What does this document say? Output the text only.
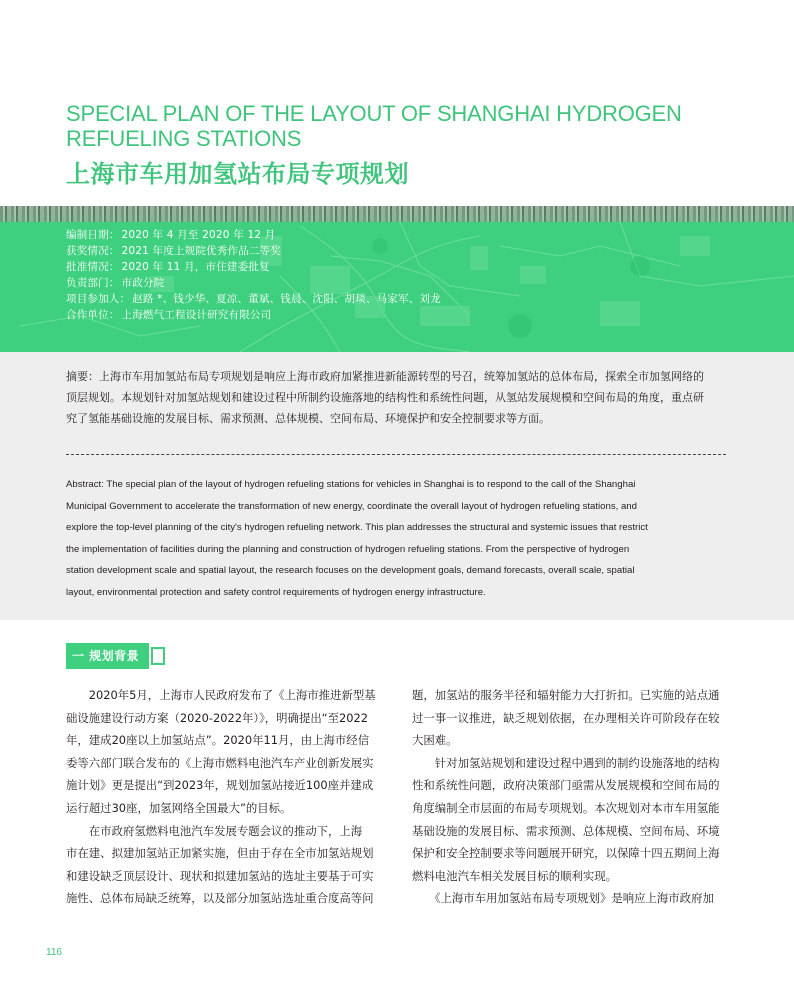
SPECIAL PLAN OF THE LAYOUT OF SHANGHAI HYDROGEN REFUELING STATIONS
上海市车用加氢站布局专项规划
编制日期： 2020 年 4 月至 2020 年 12 月
获奖情况： 2021 年度上规院优秀作品二等奖
批准情况： 2020 年 11 月，市住建委批复
负责部门： 市政分院
项目参加人： 赵路 *、钱少华、夏凉、董斌、钱晨、沈阳、胡琰、马家军、刘龙
合作单位： 上海燃气工程设计研究有限公司
摘要：上海市车用加氢站布局专项规划是响应上海市政府加紧推进新能源转型的号召，统筹加氢站的总体布局，探索全市加氢网络的
顶层规划。本规划针对加氢站规划和建设过程中所制约设施落地的结构性和系统性问题，从氢站发展规模和空间布局的角度，重点研
究了氢能基础设施的发展目标、需求预测、总体规模、空间布局、环境保护和安全控制要求等方面。
Abstract: The special plan of the layout of hydrogen refueling stations for vehicles in Shanghai is to respond to the call of the Shanghai
Municipal Government to accelerate the transformation of new energy, coordinate the overall layout of hydrogen refueling stations, and
explore the top-level planning of the city's hydrogen refueling network. This plan addresses the structural and systemic issues that restrict
the implementation of facilities during the planning and construction of hydrogen refueling stations. From the perspective of hydrogen
station development scale and spatial layout, the research focuses on the development goals, demand forecasts, overall scale, spatial
layout, environmental protection and safety control requirements of hydrogen energy infrastructure.
一 规划背景
　　2020年5月，上海市人民政府发布了《上海市推进新型基
础设施建设行动方案（2020-2022年）》，明确提出“至2022
年，建成20座以上加氢站点”。2020年11月，由上海市经信
委等六部门联合发布的《上海市燃料电池汽车产业创新发展实
施计划》更是提出“到2023年，规划加氢站接近100座并建成
运行超过30座，加氢网络全国最大”的目标。
　　在市政府氢燃料电池汽车发展专题会议的推动下，上海
市在建、拟建加氢站正加紧实施，但由于存在全市加氢站规划
和建设缺乏顶层设计、现状和拟建加氢站的选址主要基于可实
施性、总体布局缺乏统筹，以及部分加氢站选址重合度高等问
题，加氢站的服务半径和辐射能力大打折扣。已实施的站点通
过一事一议推进，缺乏规划依据，在办理相关许可阶段存在较
大困难。
　　针对加氢站规划和建设过程中遇到的制约设施落地的结构
性和系统性问题，政府决策部门亟需从发展规模和空间布局的
角度编制全市层面的布局专项规划。本次规划对本市车用氢能
基础设施的发展目标、需求预测、总体规模、空间布局、环境
保护和安全控制要求等问题展开研究，以保障十四五期间上海
燃料电池汽车相关发展目标的顺利实现。
　　《上海市车用加氢站布局专项规划》是响应上海市政府加
116
